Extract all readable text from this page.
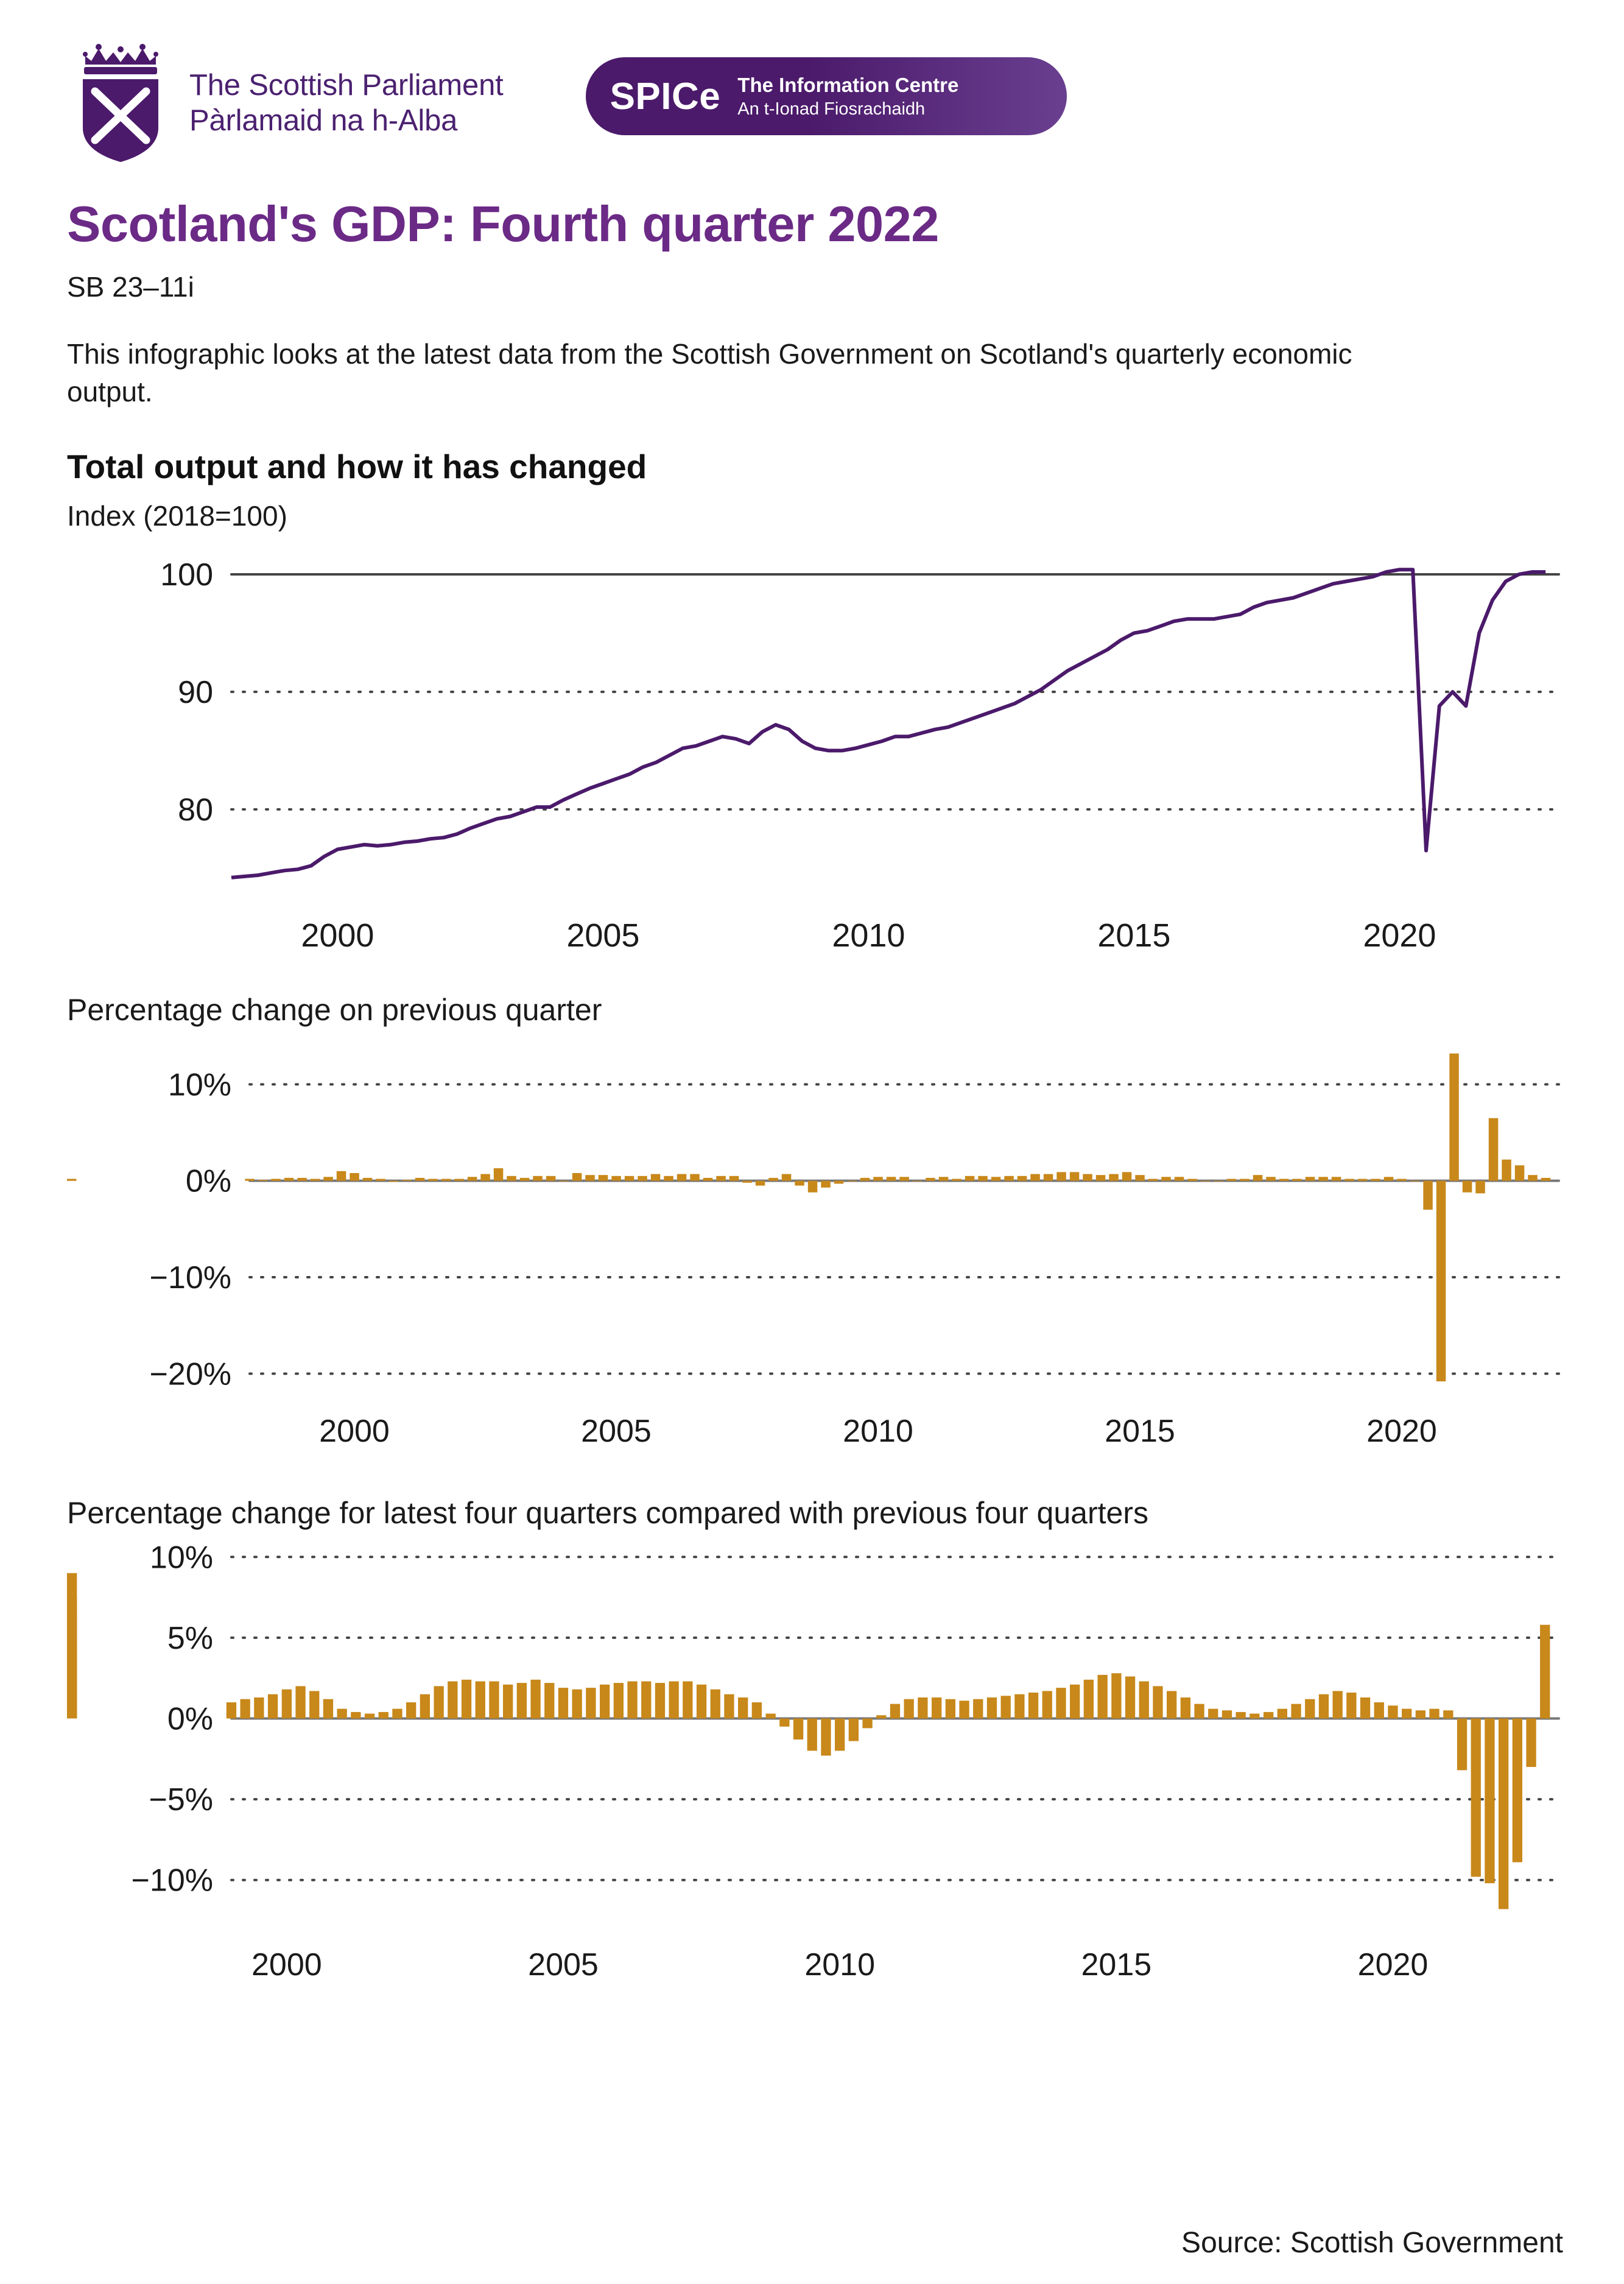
The Scottish Parliament
Pàrlamaid na h-Alba
SPICe The Information Centre
An t-Ionad Fiosrachaidh
Scotland's GDP: Fourth quarter 2022

SB 23–11i

This infographic looks at the latest data from the Scottish Government on Scotland's quarterly economic output.

Total output and how it has changed

Index (2018=100)

80
90
100
2000	2005	2010	2015	2020

Percentage change on previous quarter

10%
0%
−10%
−20%
2000	2005	2010	2015	2020

Percentage change for latest four quarters compared with previous four quarters

10%
5%
0%
−5%
−10%
2000	2005	2010	2015	2020
Source: Scottish Government
